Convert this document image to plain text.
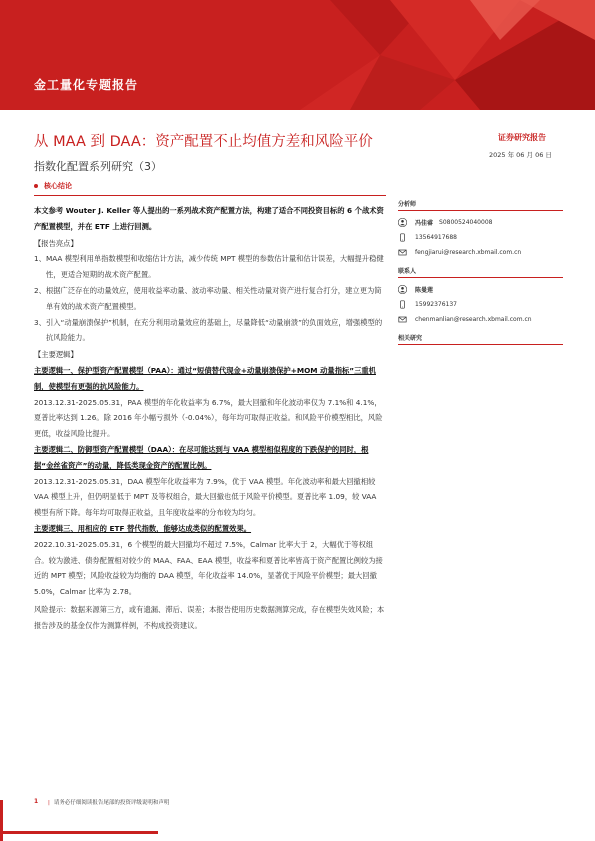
金工量化专题报告
从 MAA 到 DAA：资产配置不止均值方差和风险平价
指数化配置系列研究（3）
证券研究报告
2025 年 06 月 06 日
核心结论

本文参考 Wouter J. Keller 等人提出的一系列战术资产配置方法，构建了适合不同投资目标的 6 个战术资产配置模型，并在 ETF 上进行回测。

【报告亮点】

1、MAA 模型利用单指数模型和收缩估计方法，减少传统 MPT 模型的参数估计量和估计误差，大幅提升稳健性，更适合短期的战术资产配置。

2、根据广泛存在的动量效应，使用收益率动量、波动率动量、相关性动量对资产进行复合打分，建立更为简单有效的战术资产配置模型。

3、引入“动量崩溃保护”机制，在充分利用动量效应的基础上，尽量降低“动量崩溃”的负面效应，增强模型的抗风险能力。

【主要逻辑】

主要逻辑一、保护型资产配置模型（PAA）：通过“短债替代现金+动量崩溃保护+MOM 动量指标”三重机制，使模型有更强的抗风险能力。

2013.12.31-2025.05.31，PAA 模型的年化收益率为 6.7%，最大回撤和年化波动率仅为 7.1%和 4.1%，夏普比率达到 1.26。除 2016 年小幅亏损外（-0.04%），每年均可取得正收益。和风险平价模型相比，风险更低，收益风险比提升。

主要逻辑二、防御型资产配置模型（DAA）：在尽可能达到与 VAA 模型相似程度的下跌保护的同时，根据“金丝雀资产”的动量，降低类现金资产的配置比例。

2013.12.31-2025.05.31，DAA 模型年化收益率为 7.9%，优于 VAA 模型。年化波动率和最大回撤相较 VAA 模型上升，但仍明显低于 MPT 及等权组合，最大回撤也低于风险平价模型。夏普比率 1.09，较 VAA 模型有所下降。每年均可取得正收益，且年度收益率的分布较为均匀。

主要逻辑三、用相应的 ETF 替代指数，能够达成类似的配置效果。

2022.10.31-2025.05.31，6 个模型的最大回撤均不超过 7.5%，Calmar 比率大于 2，大幅优于等权组合。较为激进、债券配置相对较少的 MAA、FAA、EAA 模型，收益率和夏普比率皆高于资产配置比例较为接近的 MPT 模型；风险收益较为均衡的 DAA 模型，年化收益率 14.0%，显著优于风险平价模型；最大回撤 5.0%，Calmar 比率为 2.78。

风险提示：数据来源第三方，或有遗漏、滞后、误差；本报告使用历史数据测算完成，存在模型失效风险；本报告涉及的基金仅作为测算样例，不构成投资建议。

分析师
冯佳睿 S0800524040008
13564917688
fengjiarui@research.xbmail.com.cn
联系人
陈曼莲
15992376137
chenmanlian@research.xbmail.com.cn
相关研究
1 | 请务必仔细阅读报告尾部的投资评级说明和声明
